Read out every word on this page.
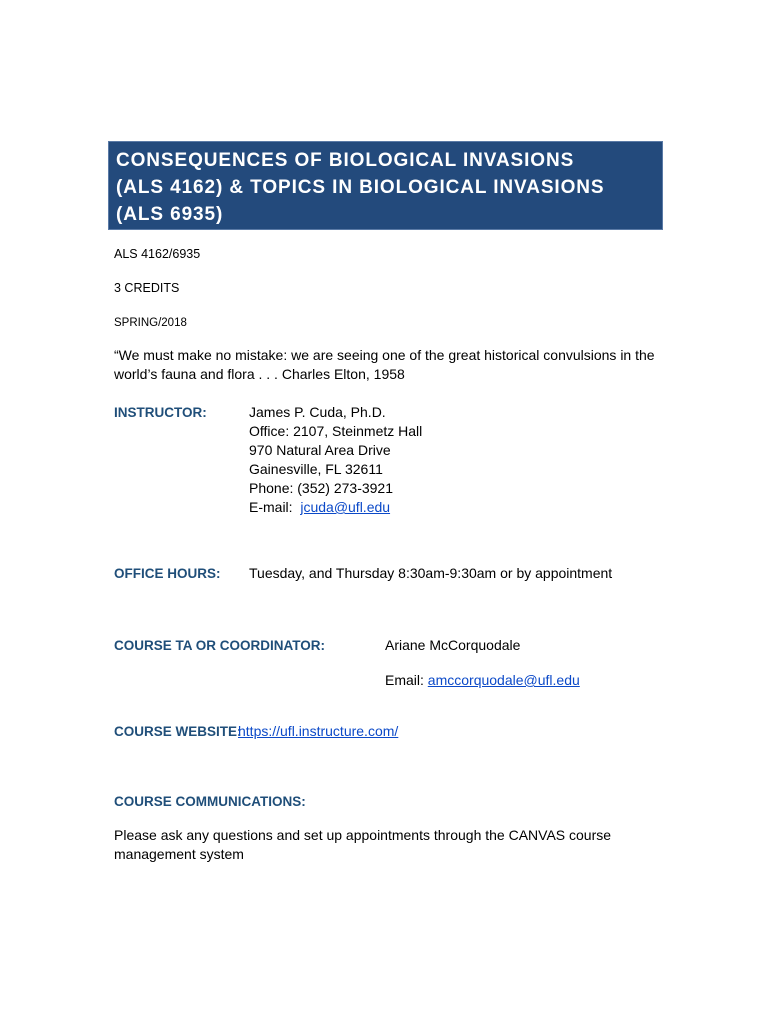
CONSEQUENCES OF BIOLOGICAL INVASIONS
(ALS 4162) & TOPICS IN BIOLOGICAL INVASIONS
(ALS 6935)
ALS 4162/6935
3 CREDITS
SPRING/2018
“We must make no mistake: we are seeing one of the great historical convulsions in the
world’s fauna and flora . . . Charles Elton, 1958
INSTRUCTOR:	James P. Cuda, Ph.D.
Office: 2107, Steinmetz Hall
970 Natural Area Drive
Gainesville, FL 32611
Phone: (352) 273-3921
E-mail:  jcuda@ufl.edu
OFFICE HOURS: Tuesday, and Thursday 8:30am-9:30am or by appointment
COURSE TA OR COORDINATOR:	Ariane McCorquodale
Email: amccorquodale@ufl.edu
COURSE WEBSITE:
https://ufl.instructure.com/
COURSE COMMUNICATIONS:
Please ask any questions and set up appointments through the CANVAS course
management system
